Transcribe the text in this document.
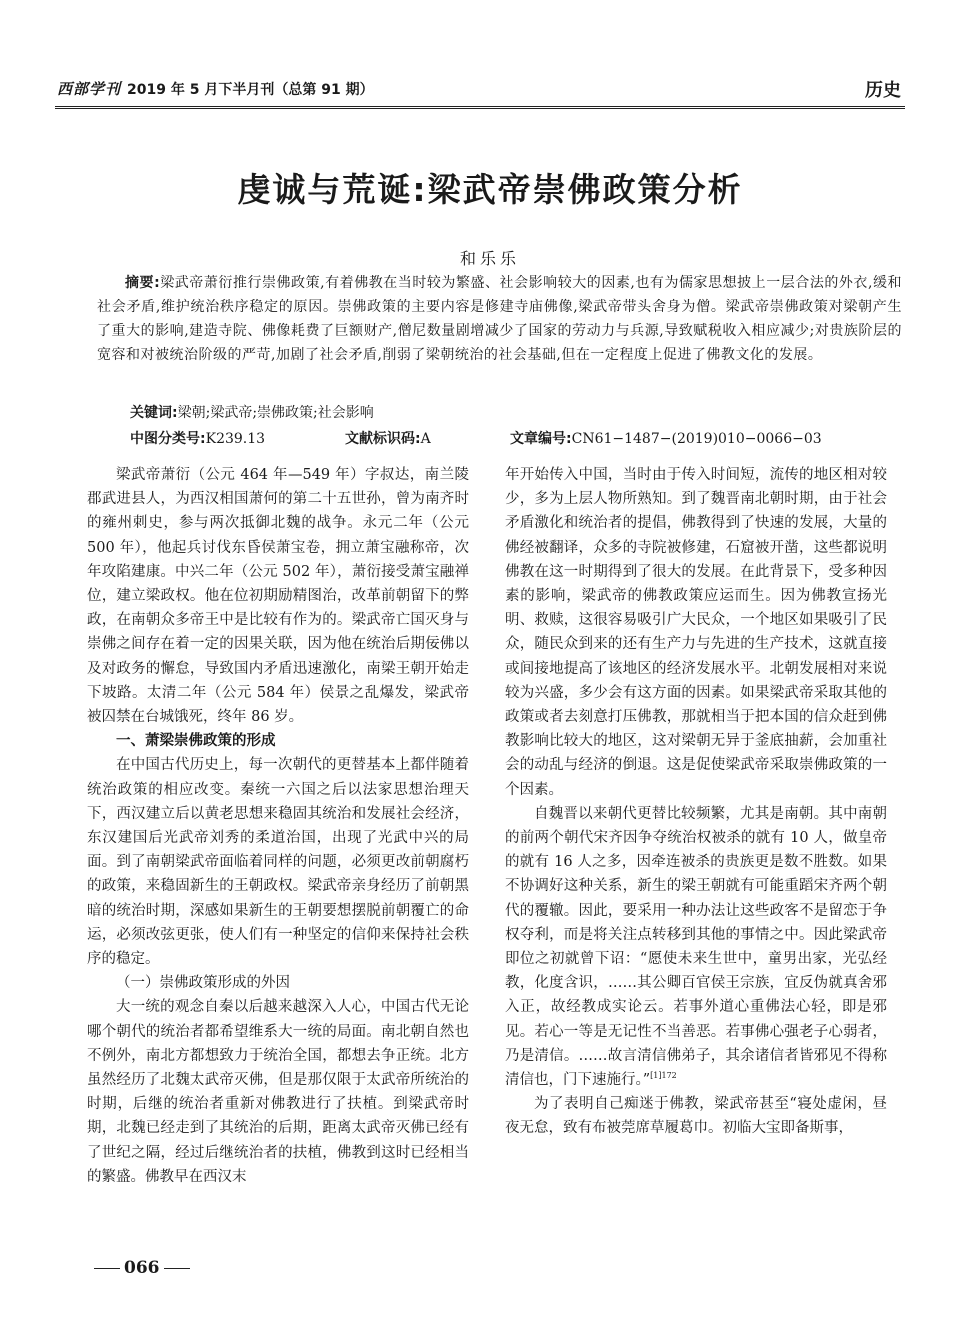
西部学刊 2019 年 5 月下半月刊（总第 91 期）	历史
虔诚与荒诞:梁武帝崇佛政策分析
和乐乐
摘要:梁武帝萧衍推行崇佛政策,有着佛教在当时较为繁盛、社会影响较大的因素,也有为儒家思想披上一层合法的外衣,缓和社会矛盾,维护统治秩序稳定的原因。崇佛政策的主要内容是修建寺庙佛像,梁武帝带头舍身为僧。梁武帝崇佛政策对梁朝产生了重大的影响,建造寺院、佛像耗费了巨额财产,僧尼数量剧增减少了国家的劳动力与兵源,导致赋税收入相应减少;对贵族阶层的宽容和对被统治阶级的严苛,加剧了社会矛盾,削弱了梁朝统治的社会基础,但在一定程度上促进了佛教文化的发展。
关键词:梁朝;梁武帝;崇佛政策;社会影响
中图分类号:K239.13	文献标识码:A	文章编号:CN61−1487−(2019)010−0066−03

梁武帝萧衍（公元 464 年—549 年）字叔达，南兰陵郡武进县人，为西汉相国萧何的第二十五世孙，曾为南齐时的雍州刺史，参与两次抵御北魏的战争。永元二年（公元 500 年），他起兵讨伐东昏侯萧宝卷，拥立萧宝融称帝，次年攻陷建康。中兴二年（公元 502 年），萧衍接受萧宝融禅位，建立梁政权。他在位初期励精图治，改革前朝留下的弊政，在南朝众多帝王中是比较有作为的。梁武帝亡国灭身与崇佛之间存在着一定的因果关联，因为他在统治后期佞佛以及对政务的懈怠，导致国内矛盾迅速激化，南梁王朝开始走下坡路。太清二年（公元 584 年）侯景之乱爆发，梁武帝被囚禁在台城饿死，终年 86 岁。

一、萧梁崇佛政策的形成

在中国古代历史上，每一次朝代的更替基本上都伴随着统治政策的相应改变。秦统一六国之后以法家思想治理天下，西汉建立后以黄老思想来稳固其统治和发展社会经济，东汉建国后光武帝刘秀的柔道治国，出现了光武中兴的局面。到了南朝梁武帝面临着同样的问题，必须更改前朝腐朽的政策，来稳固新生的王朝政权。梁武帝亲身经历了前朝黑暗的统治时期，深感如果新生的王朝要想摆脱前朝覆亡的命运，必须改弦更张，使人们有一种坚定的信仰来保持社会秩序的稳定。

（一）崇佛政策形成的外因

大一统的观念自秦以后越来越深入人心，中国古代无论哪个朝代的统治者都希望维系大一统的局面。南北朝自然也不例外，南北方都想致力于统治全国，都想去争正统。北方虽然经历了北魏太武帝灭佛，但是那仅限于太武帝所统治的时期，后继的统治者重新对佛教进行了扶植。到梁武帝时期，北魏已经走到了其统治的后期，距离太武帝灭佛已经有了世纪之隔，经过后继统治者的扶植，佛教到这时已经相当的繁盛。佛教早在西汉末

年开始传入中国，当时由于传入时间短，流传的地区相对较少，多为上层人物所熟知。到了魏晋南北朝时期，由于社会矛盾激化和统治者的提倡，佛教得到了快速的发展，大量的佛经被翻译，众多的寺院被修建，石窟被开凿，这些都说明佛教在这一时期得到了很大的发展。在此背景下，受多种因素的影响，梁武帝的佛教政策应运而生。因为佛教宣扬光明、救赎，这很容易吸引广大民众，一个地区如果吸引了民众，随民众到来的还有生产力与先进的生产技术，这就直接或间接地提高了该地区的经济发展水平。北朝发展相对来说较为兴盛，多少会有这方面的因素。如果梁武帝采取其他的政策或者去刻意打压佛教，那就相当于把本国的信众赶到佛教影响比较大的地区，这对梁朝无异于釜底抽薪，会加重社会的动乱与经济的倒退。这是促使梁武帝采取崇佛政策的一个因素。

自魏晋以来朝代更替比较频繁，尤其是南朝。其中南朝的前两个朝代宋齐因争夺统治权被杀的就有 10 人，做皇帝的就有 16 人之多，因牵连被杀的贵族更是数不胜数。如果不协调好这种关系，新生的梁王朝就有可能重蹈宋齐两个朝代的覆辙。因此，要采用一种办法让这些政客不是留恋于争权夺利，而是将关注点转移到其他的事情之中。因此梁武帝即位之初就曾下诏：“愿使未来生世中，童男出家，光弘经教，化度含识，……其公卿百官侯王宗族，宜反伪就真舍邪入正，故经教成实论云。若事外道心重佛法心轻，即是邪见。若心一等是无记性不当善恶。若事佛心强老子心弱者，乃是清信。……故言清信佛弟子，其余诸信者皆邪见不得称清信也，门下速施行。”$^{[1]172}$

为了表明自己痴迷于佛教，梁武帝甚至“寝处虚闲，昼夜无怠，致有布被莞席草履葛巾。初临大宝即备斯事，

066
